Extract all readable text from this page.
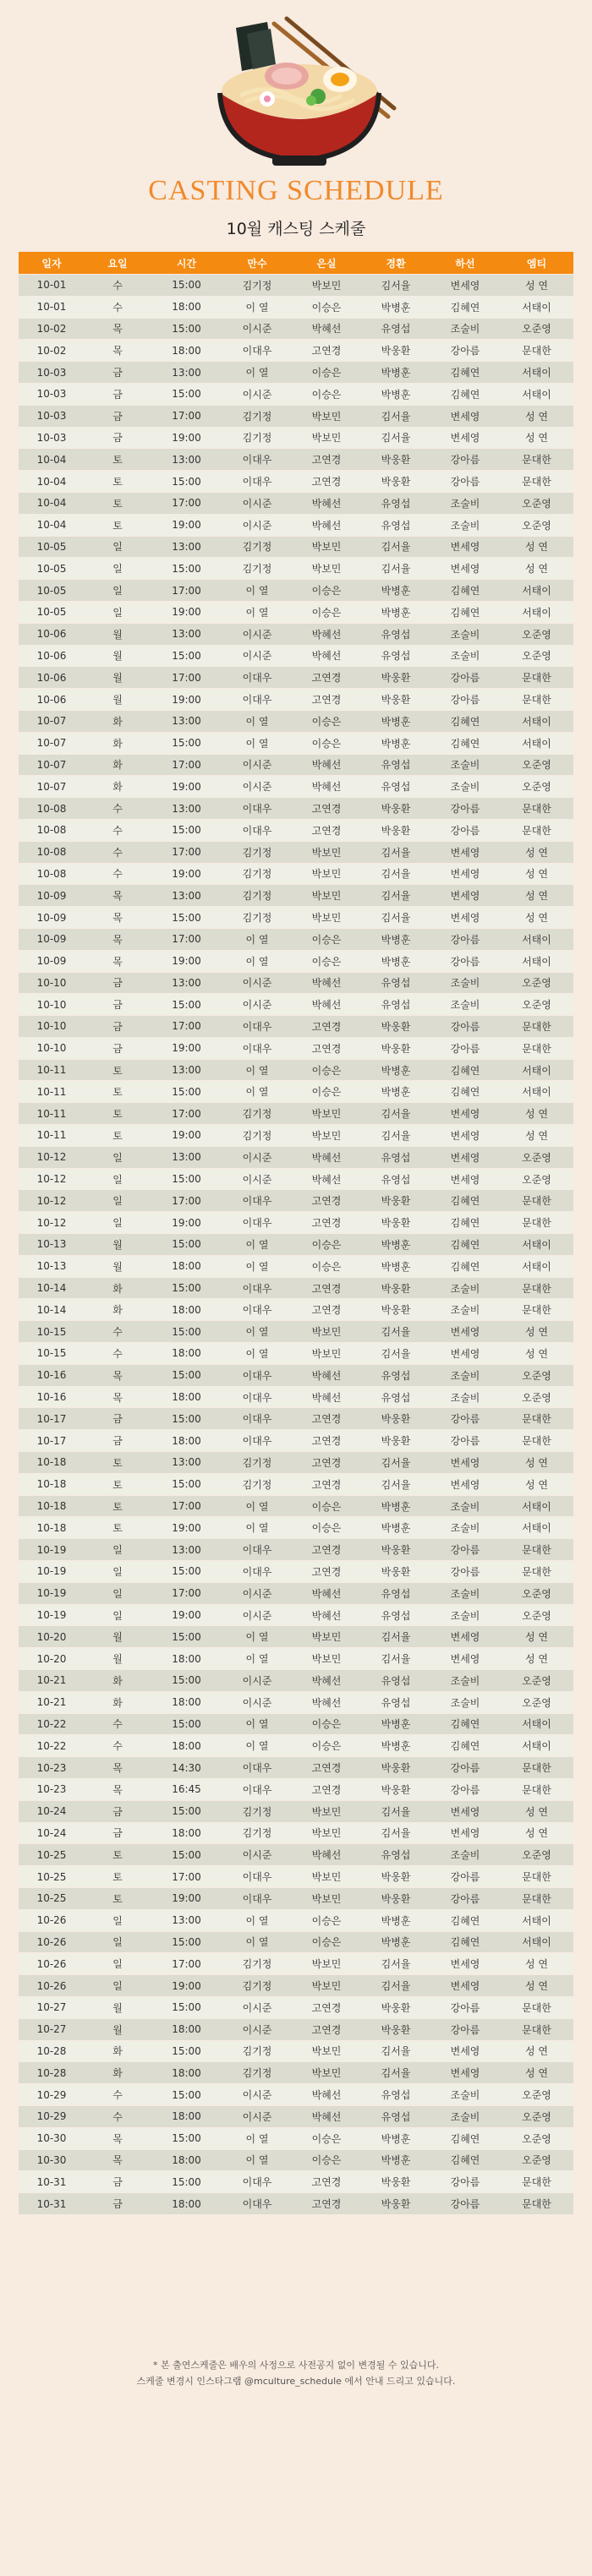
CASTING SCHEDULE
10월 캐스팅 스케줄
일자	요일	시간	만수	은실	경환	하선	엠티
10-01	수	15:00	김기정	박보민	김서율	변세영	성 연
10-01	수	18:00	이 열	이승은	박병훈	김혜연	서태이
10-02	목	15:00	이시준	박혜선	유영섭	조술비	오준영
10-02	목	18:00	이대우	고연경	박웅환	강아름	문대한
10-03	금	13:00	이 열	이승은	박병훈	김혜연	서태이
10-03	금	15:00	이시준	이승은	박병훈	김혜연	서태이
10-03	금	17:00	김기정	박보민	김서율	변세영	성 연
10-03	금	19:00	김기정	박보민	김서율	변세영	성 연
10-04	토	13:00	이대우	고연경	박웅환	강아름	문대한
10-04	토	15:00	이대우	고연경	박웅환	강아름	문대한
10-04	토	17:00	이시준	박혜선	유영섭	조술비	오준영
10-04	토	19:00	이시준	박혜선	유영섭	조술비	오준영
10-05	일	13:00	김기정	박보민	김서율	변세영	성 연
10-05	일	15:00	김기정	박보민	김서율	변세영	성 연
10-05	일	17:00	이 열	이승은	박병훈	김혜연	서태이
10-05	일	19:00	이 열	이승은	박병훈	김혜연	서태이
10-06	월	13:00	이시준	박혜선	유영섭	조술비	오준영
10-06	월	15:00	이시준	박혜선	유영섭	조술비	오준영
10-06	월	17:00	이대우	고연경	박웅환	강아름	문대한
10-06	월	19:00	이대우	고연경	박웅환	강아름	문대한
10-07	화	13:00	이 열	이승은	박병훈	김혜연	서태이
10-07	화	15:00	이 열	이승은	박병훈	김혜연	서태이
10-07	화	17:00	이시준	박혜선	유영섭	조술비	오준영
10-07	화	19:00	이시준	박혜선	유영섭	조술비	오준영
10-08	수	13:00	이대우	고연경	박웅환	강아름	문대한
10-08	수	15:00	이대우	고연경	박웅환	강아름	문대한
10-08	수	17:00	김기정	박보민	김서율	변세영	성 연
10-08	수	19:00	김기정	박보민	김서율	변세영	성 연
10-09	목	13:00	김기정	박보민	김서율	변세영	성 연
10-09	목	15:00	김기정	박보민	김서율	변세영	성 연
10-09	목	17:00	이 열	이승은	박병훈	강아름	서태이
10-09	목	19:00	이 열	이승은	박병훈	강아름	서태이
10-10	금	13:00	이시준	박혜선	유영섭	조술비	오준영
10-10	금	15:00	이시준	박혜선	유영섭	조술비	오준영
10-10	금	17:00	이대우	고연경	박웅환	강아름	문대한
10-10	금	19:00	이대우	고연경	박웅환	강아름	문대한
10-11	토	13:00	이 열	이승은	박병훈	김혜연	서태이
10-11	토	15:00	이 열	이승은	박병훈	김혜연	서태이
10-11	토	17:00	김기정	박보민	김서율	변세영	성 연
10-11	토	19:00	김기정	박보민	김서율	변세영	성 연
10-12	일	13:00	이시준	박혜선	유영섭	변세영	오준영
10-12	일	15:00	이시준	박혜선	유영섭	변세영	오준영
10-12	일	17:00	이대우	고연경	박웅환	김혜연	문대한
10-12	일	19:00	이대우	고연경	박웅환	김혜연	문대한
10-13	월	15:00	이 열	이승은	박병훈	김혜연	서태이
10-13	월	18:00	이 열	이승은	박병훈	김혜연	서태이
10-14	화	15:00	이대우	고연경	박웅환	조술비	문대한
10-14	화	18:00	이대우	고연경	박웅환	조술비	문대한
10-15	수	15:00	이 열	박보민	김서율	변세영	성 연
10-15	수	18:00	이 열	박보민	김서율	변세영	성 연
10-16	목	15:00	이대우	박혜선	유영섭	조술비	오준영
10-16	목	18:00	이대우	박혜선	유영섭	조술비	오준영
10-17	금	15:00	이대우	고연경	박웅환	강아름	문대한
10-17	금	18:00	이대우	고연경	박웅환	강아름	문대한
10-18	토	13:00	김기정	고연경	김서율	변세영	성 연
10-18	토	15:00	김기정	고연경	김서율	변세영	성 연
10-18	토	17:00	이 열	이승은	박병훈	조술비	서태이
10-18	토	19:00	이 열	이승은	박병훈	조술비	서태이
10-19	일	13:00	이대우	고연경	박웅환	강아름	문대한
10-19	일	15:00	이대우	고연경	박웅환	강아름	문대한
10-19	일	17:00	이시준	박혜선	유영섭	조술비	오준영
10-19	일	19:00	이시준	박혜선	유영섭	조술비	오준영
10-20	월	15:00	이 열	박보민	김서율	변세영	성 연
10-20	월	18:00	이 열	박보민	김서율	변세영	성 연
10-21	화	15:00	이시준	박혜선	유영섭	조술비	오준영
10-21	화	18:00	이시준	박혜선	유영섭	조술비	오준영
10-22	수	15:00	이 열	이승은	박병훈	김혜연	서태이
10-22	수	18:00	이 열	이승은	박병훈	김혜연	서태이
10-23	목	14:30	이대우	고연경	박웅환	강아름	문대한
10-23	목	16:45	이대우	고연경	박웅환	강아름	문대한
10-24	금	15:00	김기정	박보민	김서율	변세영	성 연
10-24	금	18:00	김기정	박보민	김서율	변세영	성 연
10-25	토	15:00	이시준	박혜선	유영섭	조술비	오준영
10-25	토	17:00	이대우	박보민	박웅환	강아름	문대한
10-25	토	19:00	이대우	박보민	박웅환	강아름	문대한
10-26	일	13:00	이 열	이승은	박병훈	김혜연	서태이
10-26	일	15:00	이 열	이승은	박병훈	김혜연	서태이
10-26	일	17:00	김기정	박보민	김서율	변세영	성 연
10-26	일	19:00	김기정	박보민	김서율	변세영	성 연
10-27	월	15:00	이시준	고연경	박웅환	강아름	문대한
10-27	월	18:00	이시준	고연경	박웅환	강아름	문대한
10-28	화	15:00	김기정	박보민	김서율	변세영	성 연
10-28	화	18:00	김기정	박보민	김서율	변세영	성 연
10-29	수	15:00	이시준	박혜선	유영섭	조술비	오준영
10-29	수	18:00	이시준	박혜선	유영섭	조술비	오준영
10-30	목	15:00	이 열	이승은	박병훈	김혜연	오준영
10-30	목	18:00	이 열	이승은	박병훈	김혜연	오준영
10-31	금	15:00	이대우	고연경	박웅환	강아름	문대한
10-31	금	18:00	이대우	고연경	박웅환	강아름	문대한
* 본 출연스케줄은 배우의 사정으로 사전공지 없이 변경될 수 있습니다.
스케줄 변경시 인스타그램 @mculture_schedule 에서 안내 드리고 있습니다.
